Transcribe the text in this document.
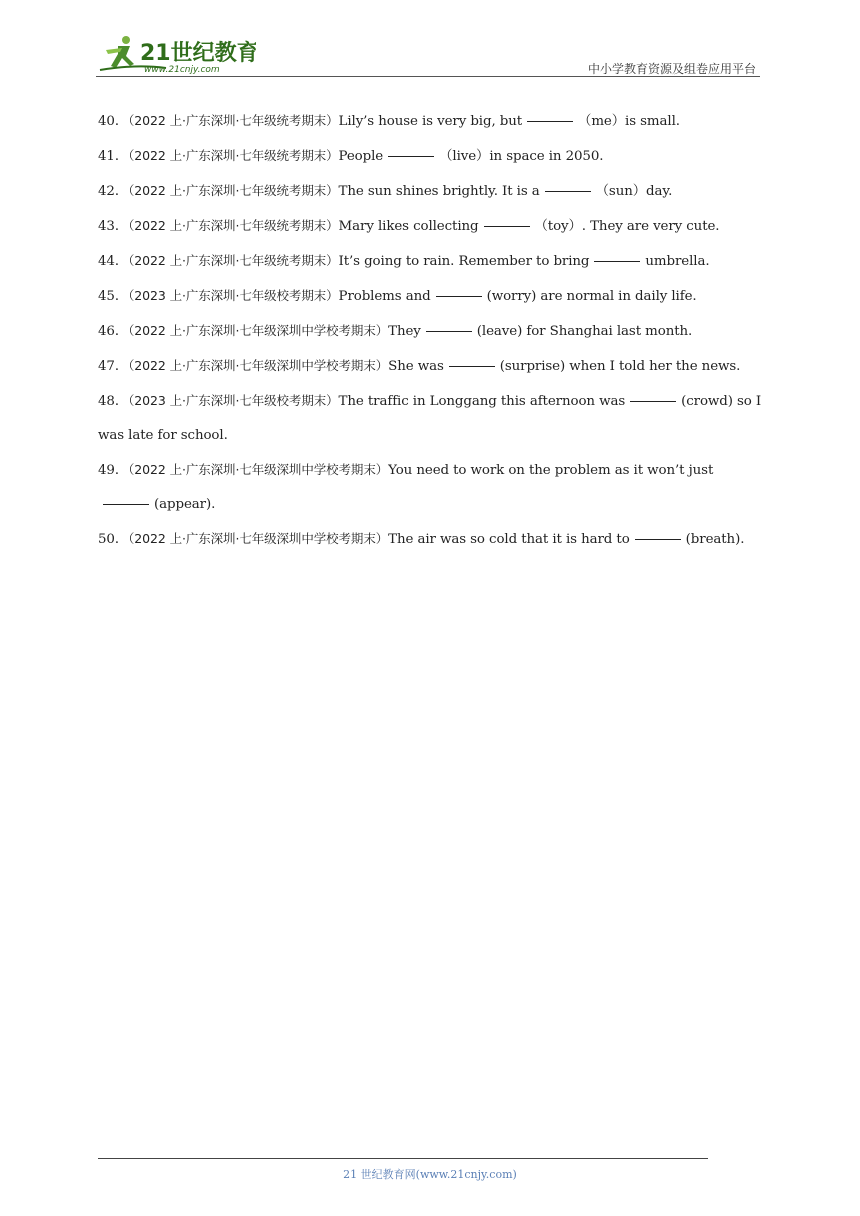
21世纪教育
www.21cnjy.com	中小学教育资源及组卷应用平台
40．（2022 上·广东深圳·七年级统考期末）Lily’s house is very big, but	（me）is small.
41．（2022 上·广东深圳·七年级统考期末）People	（live）in space in 2050.
42．（2022 上·广东深圳·七年级统考期末）The sun shines brightly. It is a	（sun）day.
43．（2022 上·广东深圳·七年级统考期末）Mary likes collecting	（toy）. They are very cute.
44．（2022 上·广东深圳·七年级统考期末）It’s going to rain. Remember to bring	umbrella.
45．（2023 上·广东深圳·七年级校考期末）Problems and	(worry) are normal in daily life.
46．（2022 上·广东深圳·七年级深圳中学校考期末）They	(leave) for Shanghai last month.
47．（2022 上·广东深圳·七年级深圳中学校考期末）She was	(surprise) when I told her the news.
48．（2023 上·广东深圳·七年级校考期末）The traffic in Longgang this afternoon was	(crowd) so I was late for school.
49．（2022 上·广东深圳·七年级深圳中学校考期末）You need to work on the problem as it won’t just(appear).
50．（2022 上·广东深圳·七年级深圳中学校考期末）The air was so cold that it is hard to	(breath).
21 世纪教育网(www.21cnjy.com)
